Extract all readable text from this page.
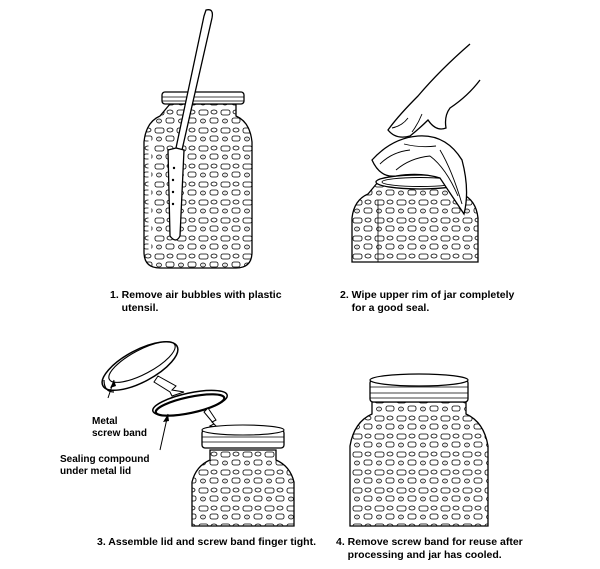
1. Remove air bubbles with plastic
utensil.
2. Wipe upper rim of jar completely
for a good seal.
3. Assemble lid and screw band finger tight. 4. Remove screw band for reuse after
processing and jar has cooled.
Metal
screw band
Sealing compound
under metal lid
